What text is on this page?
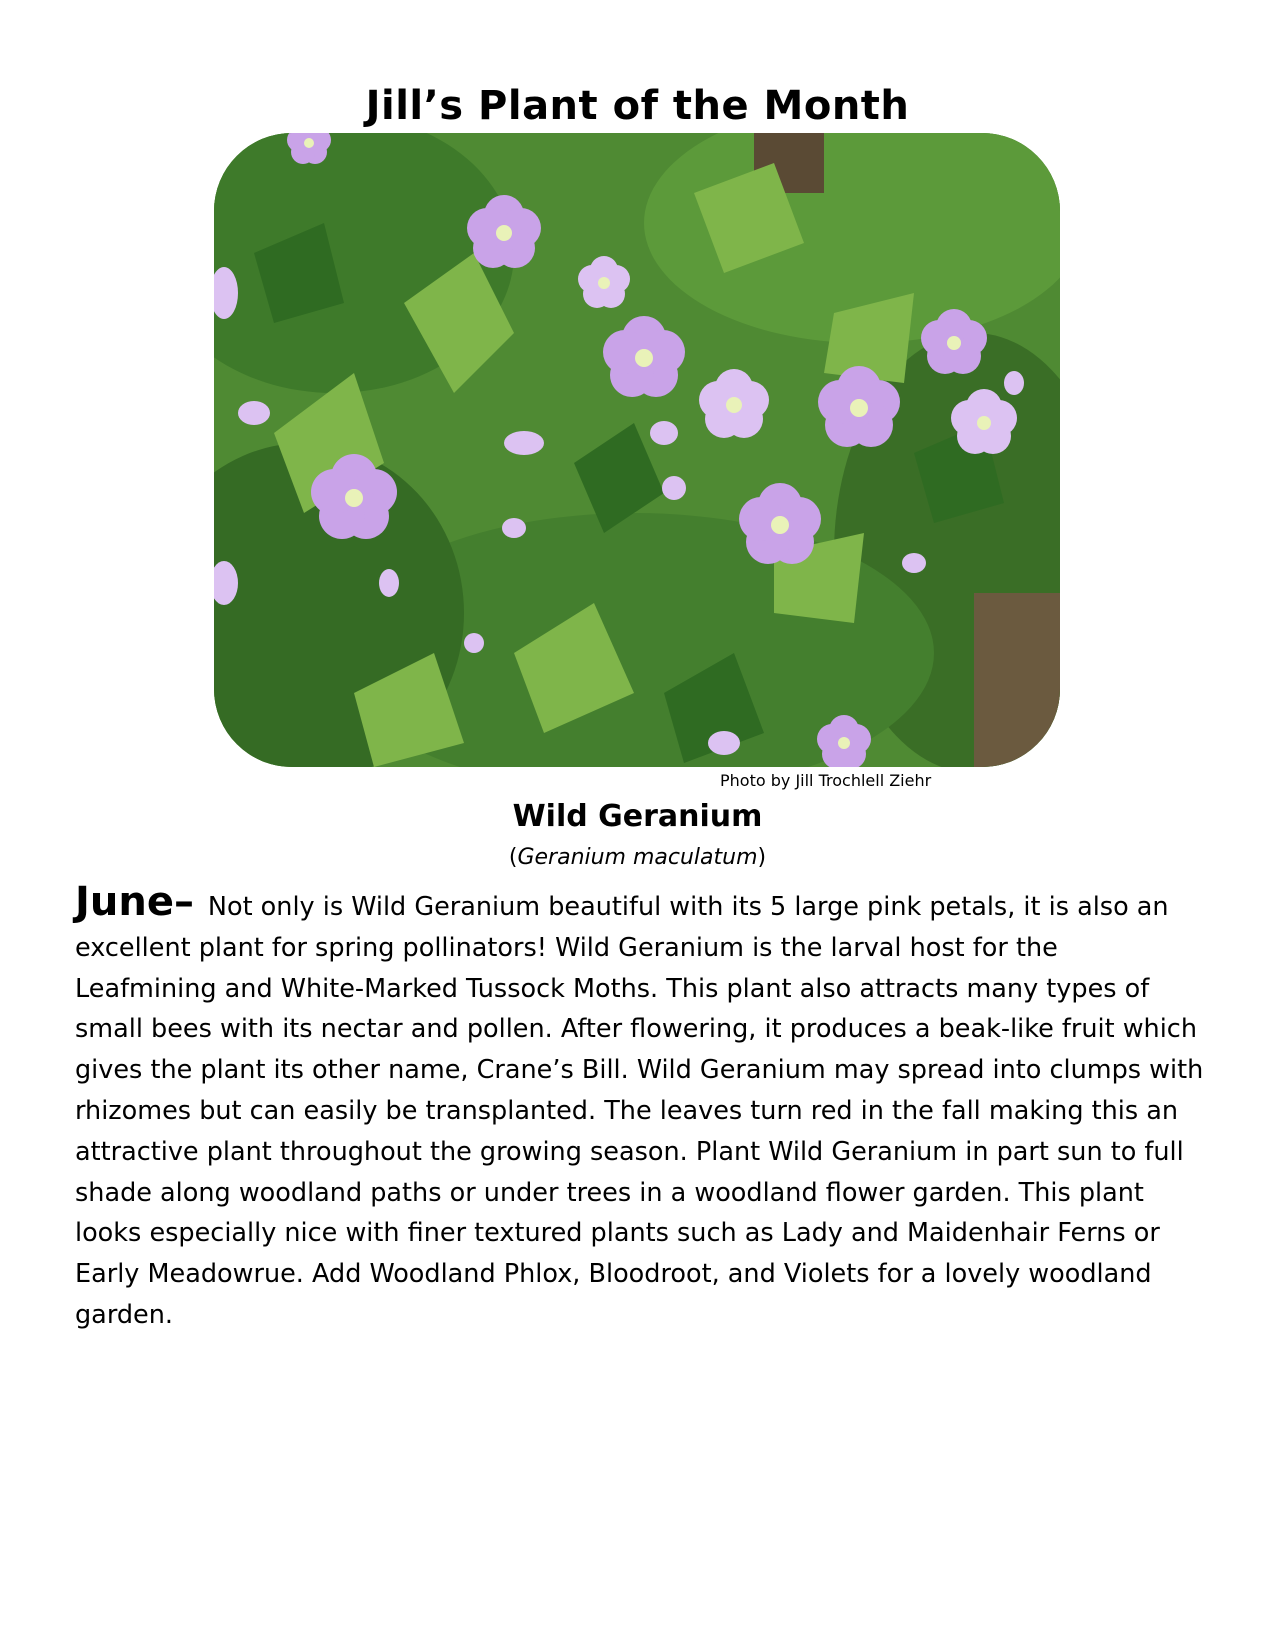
Jill’s Plant of the Month
Photo by Jill Trochlell Ziehr
Wild Geranium
(Geranium maculatum)
June– Not only is Wild Geranium beautiful with its 5 large pink petals, it is also an excellent plant for spring pollinators! Wild Geranium is the larval host for the Leafmining and White-Marked Tussock Moths. This plant also attracts many types of small bees with its nectar and pollen. After flowering, it produces a beak-like fruit which gives the plant its other name, Crane’s Bill. Wild Geranium may spread into clumps with rhizomes but can easily be transplanted. The leaves turn red in the fall making this an attractive plant throughout the growing season. Plant Wild Geranium in part sun to full shade along woodland paths or under trees in a woodland flower garden. This plant looks especially nice with finer textured plants such as Lady and Maidenhair Ferns or Early Meadowrue. Add Woodland Phlox, Bloodroot, and Violets for a lovely woodland garden.
